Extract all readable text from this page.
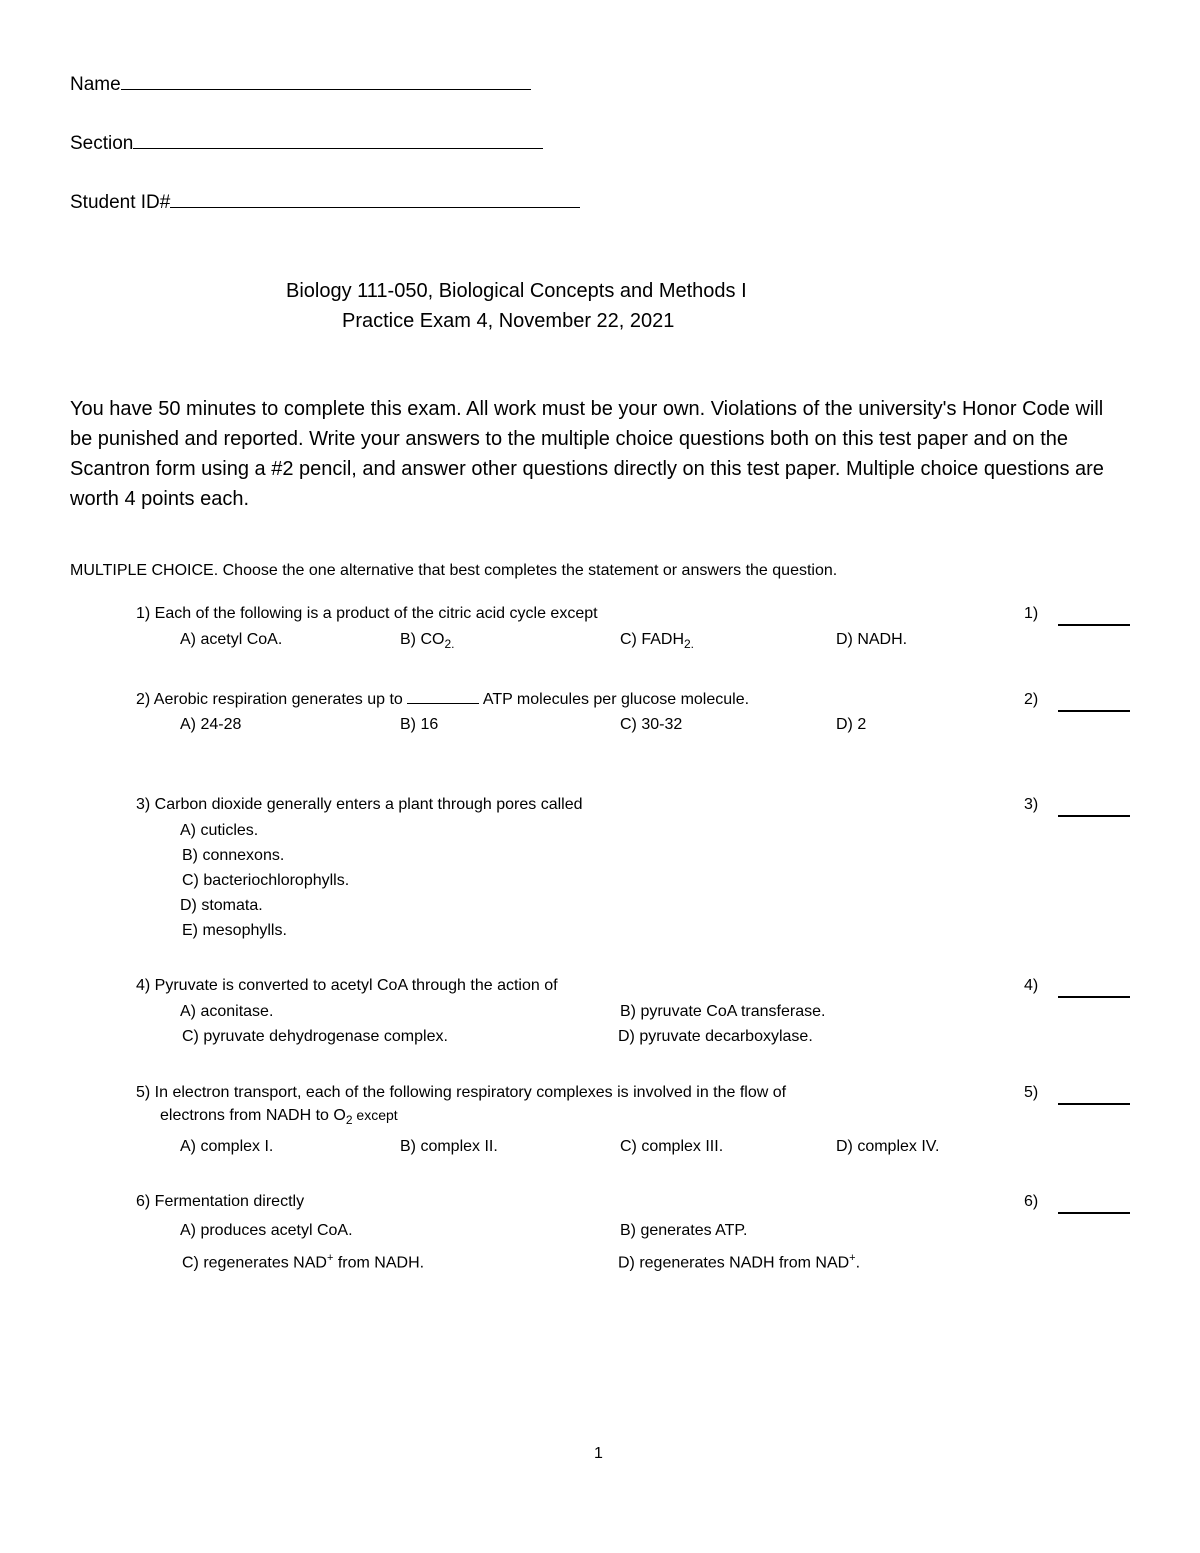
Name
Section
Student ID#
Biology 111-050, Biological Concepts and Methods I
Practice Exam 4, November 22, 2021
You have 50 minutes to complete this exam. All work must be your own. Violations of the university's Honor Code will be punished and reported. Write your answers to the multiple choice questions both on this test paper and on the Scantron form using a #2 pencil, and answer other questions directly on this test paper. Multiple choice questions are worth 4 points each.
MULTIPLE CHOICE. Choose the one alternative that best completes the statement or answers the question.
1) Each of the following is a product of the citric acid cycle except
A) acetyl CoA.	B) $CO_{2.}$	C) $FADH_{2.}$	D) NADH.
1)
2) Aerobic respiration generates up to	ATP molecules per glucose molecule.
A) 24-28	B) 16	C) 30-32	D) 2
2)
3) Carbon dioxide generally enters a plant through pores called
A) cuticles.
B) connexons.
C) bacteriochlorophylls.
D) stomata.
E) mesophylls.
3)
4) Pyruvate is converted to acetyl CoA through the action of
A) aconitase.	B) pyruvate CoA transferase.
C) pyruvate dehydrogenase complex.	D) pyruvate decarboxylase.
4)
5) In electron transport, each of the following respiratory complexes is involved in the flow of
electrons from NADH to $O_2$ except
A) complex I.	B) complex II.	C) complex III.	D) complex IV.
5)
6) Fermentation directly
A) produces acetyl CoA.	B) generates ATP.
C) regenerates NAD+ from NADH.	D) regenerates NADH from NAD+.
6)
1
